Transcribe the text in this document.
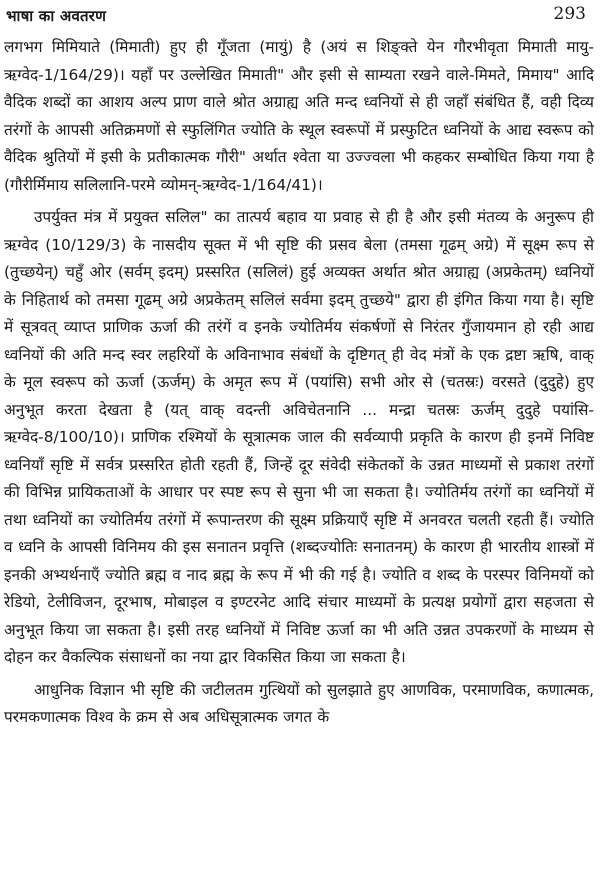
भाषा का अवतरण	293

लगभग मिमियाते (मिमाती) हुए ही गूँजता (मायुं) है (अयं स शिङ्क्ते येन गौरभीवृता मिमाती मायु-ऋग्वेद-1/164/29)। यहाँ पर उल्लेखित मिमाती" और इसी से साम्यता रखने वाले-मिमते, मिमाय" आदि वैदिक शब्दों का आशय अल्प प्राण वाले श्रोत अग्राह्य अति मन्द ध्वनियों से ही जहाँ संबंधित हैं, वही दिव्य तरंगों के आपसी अतिक्रमणों से स्फुलिंगित ज्योति के स्थूल स्वरूपों में प्रस्फुटित ध्वनियों के आद्य स्वरूप को वैदिक श्रुतियों में इसी के प्रतीकात्मक गौरी" अर्थात श्वेता या उज्ज्वला भी कहकर सम्बोधित किया गया है (गौरीर्मिमाय सलिलानि-परमे व्योमन्-ऋग्वेद-1/164/41)।

उपर्युक्त मंत्र में प्रयुक्त सलिल" का तात्पर्य बहाव या प्रवाह से ही है और इसी मंतव्य के अनुरूप ही ऋग्वेद (10/129/3) के नासदीय सूक्त में भी सृष्टि की प्रसव बेला (तमसा गूढम् अग्रे) में सूक्ष्म रूप से (तुच्छयेन्) चहुँ ओर (सर्वम् इदम्) प्रस्सरित (सलिलं) हुई अव्यक्त अर्थात श्रोत अग्राह्य (अप्रकेतम्) ध्वनियों के निहितार्थ को तमसा गूढम् अग्रे अप्रकेतम् सलिलं सर्वमा इदम् तुच्छये" द्वारा ही इंगित किया गया है। सृष्टि में सूत्रवत् व्याप्त प्राणिक ऊर्जा की तरंगें व इनके ज्योतिर्मय संकर्षणों से निरंतर गुँजायमान हो रही आद्य ध्वनियों की अति मन्द स्वर लहरियों के अविनाभाव संबंधों के दृष्टिगत् ही वेद मंत्रों के एक द्रष्टा ऋषि, वाक् के मूल स्वरूप को ऊर्जा (ऊर्जम्) के अमृत रूप में (पयांसि) सभी ओर से (चतस्रः) वरसते (दुदुहे) हुए अनुभूत करता देखता है (यत् वाक् वदन्ती अविचेतनानि ... मन्द्रा चतस्रः ऊर्जम् दुदुहे पयांसि-ऋग्वेद-8/100/10)। प्राणिक रश्मियों के सूत्रात्मक जाल की सर्वव्यापी प्रकृति के कारण ही इनमें निविष्ट ध्वनियाँ सृष्टि में सर्वत्र प्रस्सरित होती रहती हैं, जिन्हें दूर संवेदी संकेतकों के उन्नत माध्यमों से प्रकाश तरंगों की विभिन्न प्रायिकताओं के आधार पर स्पष्ट रूप से सुना भी जा सकता है। ज्योतिर्मय तरंगों का ध्वनियों में तथा ध्वनियों का ज्योतिर्मय तरंगों में रूपान्तरण की सूक्ष्म प्रक्रियाएँ सृष्टि में अनवरत चलती रहती हैं। ज्योति व ध्वनि के आपसी विनिमय की इस सनातन प्रवृत्ति (शब्दज्योतिः सनातनम्) के कारण ही भारतीय शास्त्रों में इनकी अभ्यर्थनाएँ ज्योति ब्रह्म व नाद ब्रह्म के रूप में भी की गई है। ज्योति व शब्द के परस्पर विनिमयों को रेडियो, टेलीविजन, दूरभाष, मोबाइल व इण्टरनेट आदि संचार माध्यमों के प्रत्यक्ष प्रयोगों द्वारा सहजता से अनुभूत किया जा सकता है। इसी तरह ध्वनियों में निविष्ट ऊर्जा का भी अति उन्नत उपकरणों के माध्यम से दोहन कर वैकल्पिक संसाधनों का नया द्वार विकसित किया जा सकता है।

आधुनिक विज्ञान भी सृष्टि की जटीलतम गुत्थियों को सुलझाते हुए आणविक, परमाणविक, कणात्मक, परमकणात्मक विश्व के क्रम से अब अधिसूत्रात्मक जगत के
